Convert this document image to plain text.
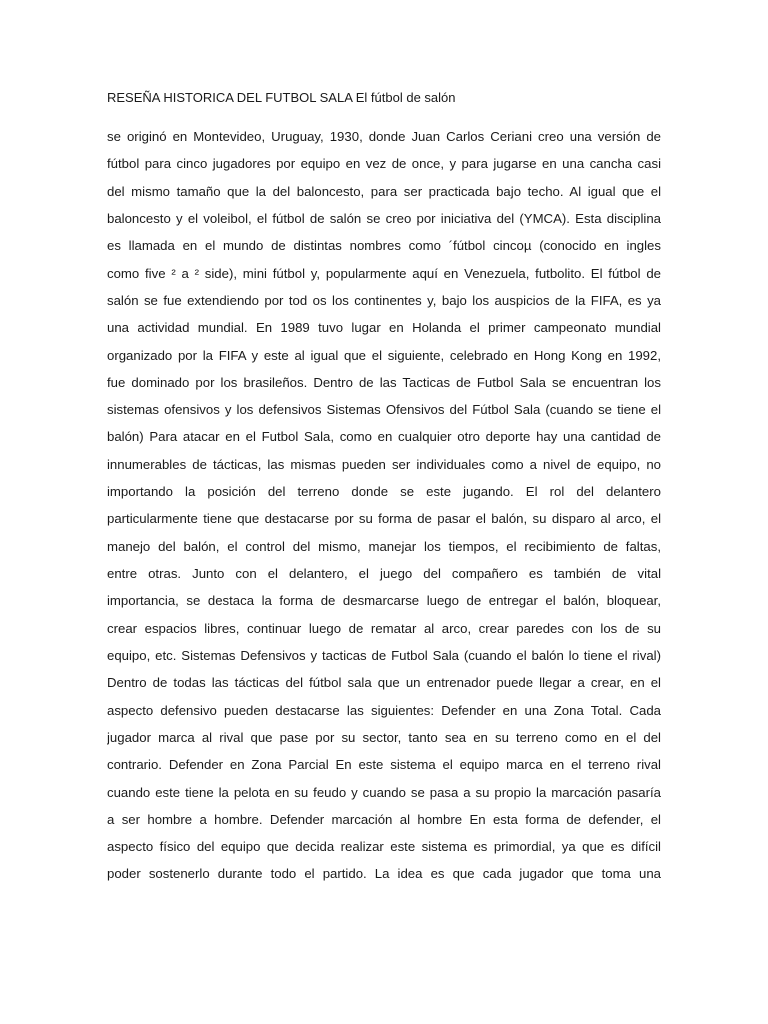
RESEÑA HISTORICA DEL FUTBOL SALA El fútbol de salón
se originó en Montevideo, Uruguay, 1930, donde Juan Carlos Ceriani creo una versión de
fútbol para cinco jugadores por equipo en vez de once, y para jugarse en una cancha casi
del mismo tamaño que la del baloncesto, para ser practicada bajo techo. Al igual que el
baloncesto y el voleibol, el fútbol de salón se creo por iniciativa del (YMCA). Esta disciplina
es llamada en el mundo de distintas nombres como ´fútbol cincoµ (conocido en ingles
como five ² a ² side), mini fútbol y, popularmente aquí en Venezuela, futbolito. El fútbol de
salón se fue extendiendo por tod os los continentes y, bajo los auspicios de la FIFA, es ya
una actividad mundial. En 1989 tuvo lugar en Holanda el primer campeonato mundial
organizado por la FIFA y este al igual que el siguiente, celebrado en Hong Kong en 1992,
fue dominado por los brasileños. Dentro de las Tacticas de Futbol Sala se encuentran los
sistemas ofensivos y los defensivos Sistemas Ofensivos del Fútbol Sala (cuando se tiene el
balón) Para atacar en el Futbol Sala, como en cualquier otro deporte hay una cantidad de
innumerables de tácticas, las mismas pueden ser individuales como a nivel de equipo, no
importando la posición del terreno donde se este jugando. El rol del delantero
particularmente tiene que destacarse por su forma de pasar el balón, su disparo al arco, el
manejo del balón, el control del mismo, manejar los tiempos, el recibimiento de faltas,
entre otras. Junto con el delantero, el juego del compañero es también de vital
importancia, se destaca la forma de desmarcarse luego de entregar el balón, bloquear,
crear espacios libres, continuar luego de rematar al arco, crear paredes con los de su
equipo, etc. Sistemas Defensivos y tacticas de Futbol Sala (cuando el balón lo tiene el rival)
Dentro de todas las tácticas del fútbol sala que un entrenador puede llegar a crear, en el
aspecto defensivo pueden destacarse las siguientes: Defender en una Zona Total. Cada
jugador marca al rival que pase por su sector, tanto sea en su terreno como en el del
contrario. Defender en Zona Parcial En este sistema el equipo marca en el terreno rival
cuando este tiene la pelota en su feudo y cuando se pasa a su propio la marcación pasaría
a ser hombre a hombre. Defender marcación al hombre En esta forma de defender, el
aspecto físico del equipo que decida realizar este sistema es primordial, ya que es difícil
poder sostenerlo durante todo el partido. La idea es que cada jugador que toma una
